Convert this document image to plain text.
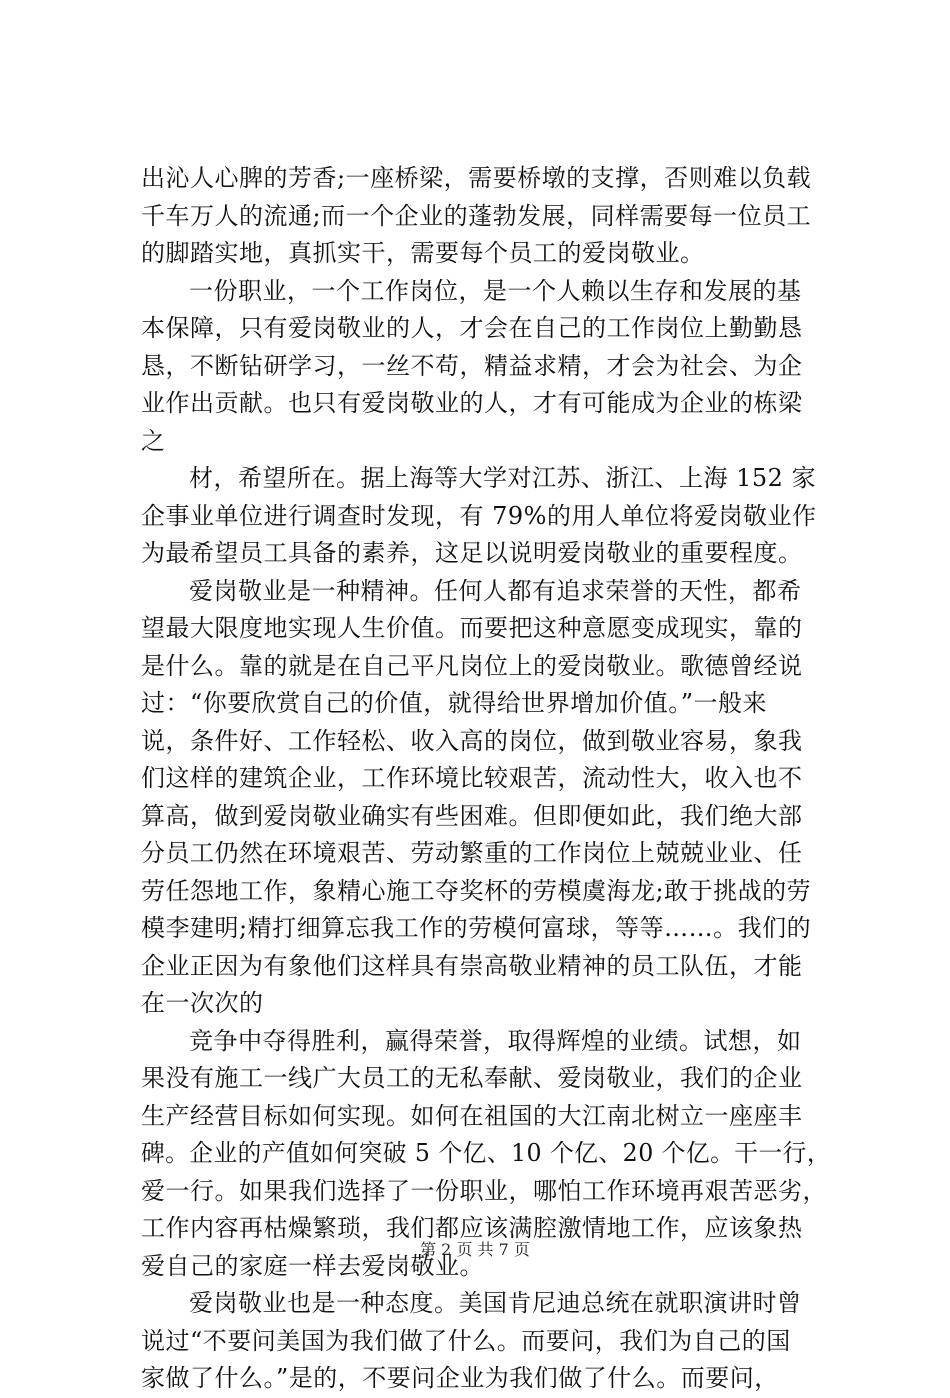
出沁人心脾的芳香;一座桥梁，需要桥墩的支撑，否则难以负载
千车万人的流通;而一个企业的蓬勃发展，同样需要每一位员工
的脚踏实地，真抓实干，需要每个员工的爱岗敬业。
一份职业，一个工作岗位，是一个人赖以生存和发展的基
本保障，只有爱岗敬业的人，才会在自己的工作岗位上勤勤恳
恳，不断钻研学习，一丝不苟，精益求精，才会为社会、为企
业作出贡献。也只有爱岗敬业的人，才有可能成为企业的栋梁
之
材，希望所在。据上海等大学对江苏、浙江、上海 152 家
企事业单位进行调查时发现，有 79%的用人单位将爱岗敬业作
为最希望员工具备的素养，这足以说明爱岗敬业的重要程度。
爱岗敬业是一种精神。任何人都有追求荣誉的天性，都希
望最大限度地实现人生价值。而要把这种意愿变成现实，靠的
是什么。靠的就是在自己平凡岗位上的爱岗敬业。歌德曾经说
过：“你要欣赏自己的价值，就得给世界增加价值。”一般来
说，条件好、工作轻松、收入高的岗位，做到敬业容易，象我
们这样的建筑企业，工作环境比较艰苦，流动性大，收入也不
算高，做到爱岗敬业确实有些困难。但即便如此，我们绝大部
分员工仍然在环境艰苦、劳动繁重的工作岗位上兢兢业业、任
劳任怨地工作，象精心施工夺奖杯的劳模虞海龙;敢于挑战的劳
模李建明;精打细算忘我工作的劳模何富球，等等……。我们的
企业正因为有象他们这样具有崇高敬业精神的员工队伍，才能
在一次次的
竞争中夺得胜利，赢得荣誉，取得辉煌的业绩。试想，如
果没有施工一线广大员工的无私奉献、爱岗敬业，我们的企业
生产经营目标如何实现。如何在祖国的大江南北树立一座座丰
碑。企业的产值如何突破 5 个亿、10 个亿、20 个亿。干一行，
爱一行。如果我们选择了一份职业，哪怕工作环境再艰苦恶劣，
工作内容再枯燥繁琐，我们都应该满腔激情地工作，应该象热
爱自己的家庭一样去爱岗敬业。
爱岗敬业也是一种态度。美国肯尼迪总统在就职演讲时曾
说过“不要问美国为我们做了什么。而要问，我们为自己的国
家做了什么。”是的，不要问企业为我们做了什么。而要问，
第 2 页 共 7 页
